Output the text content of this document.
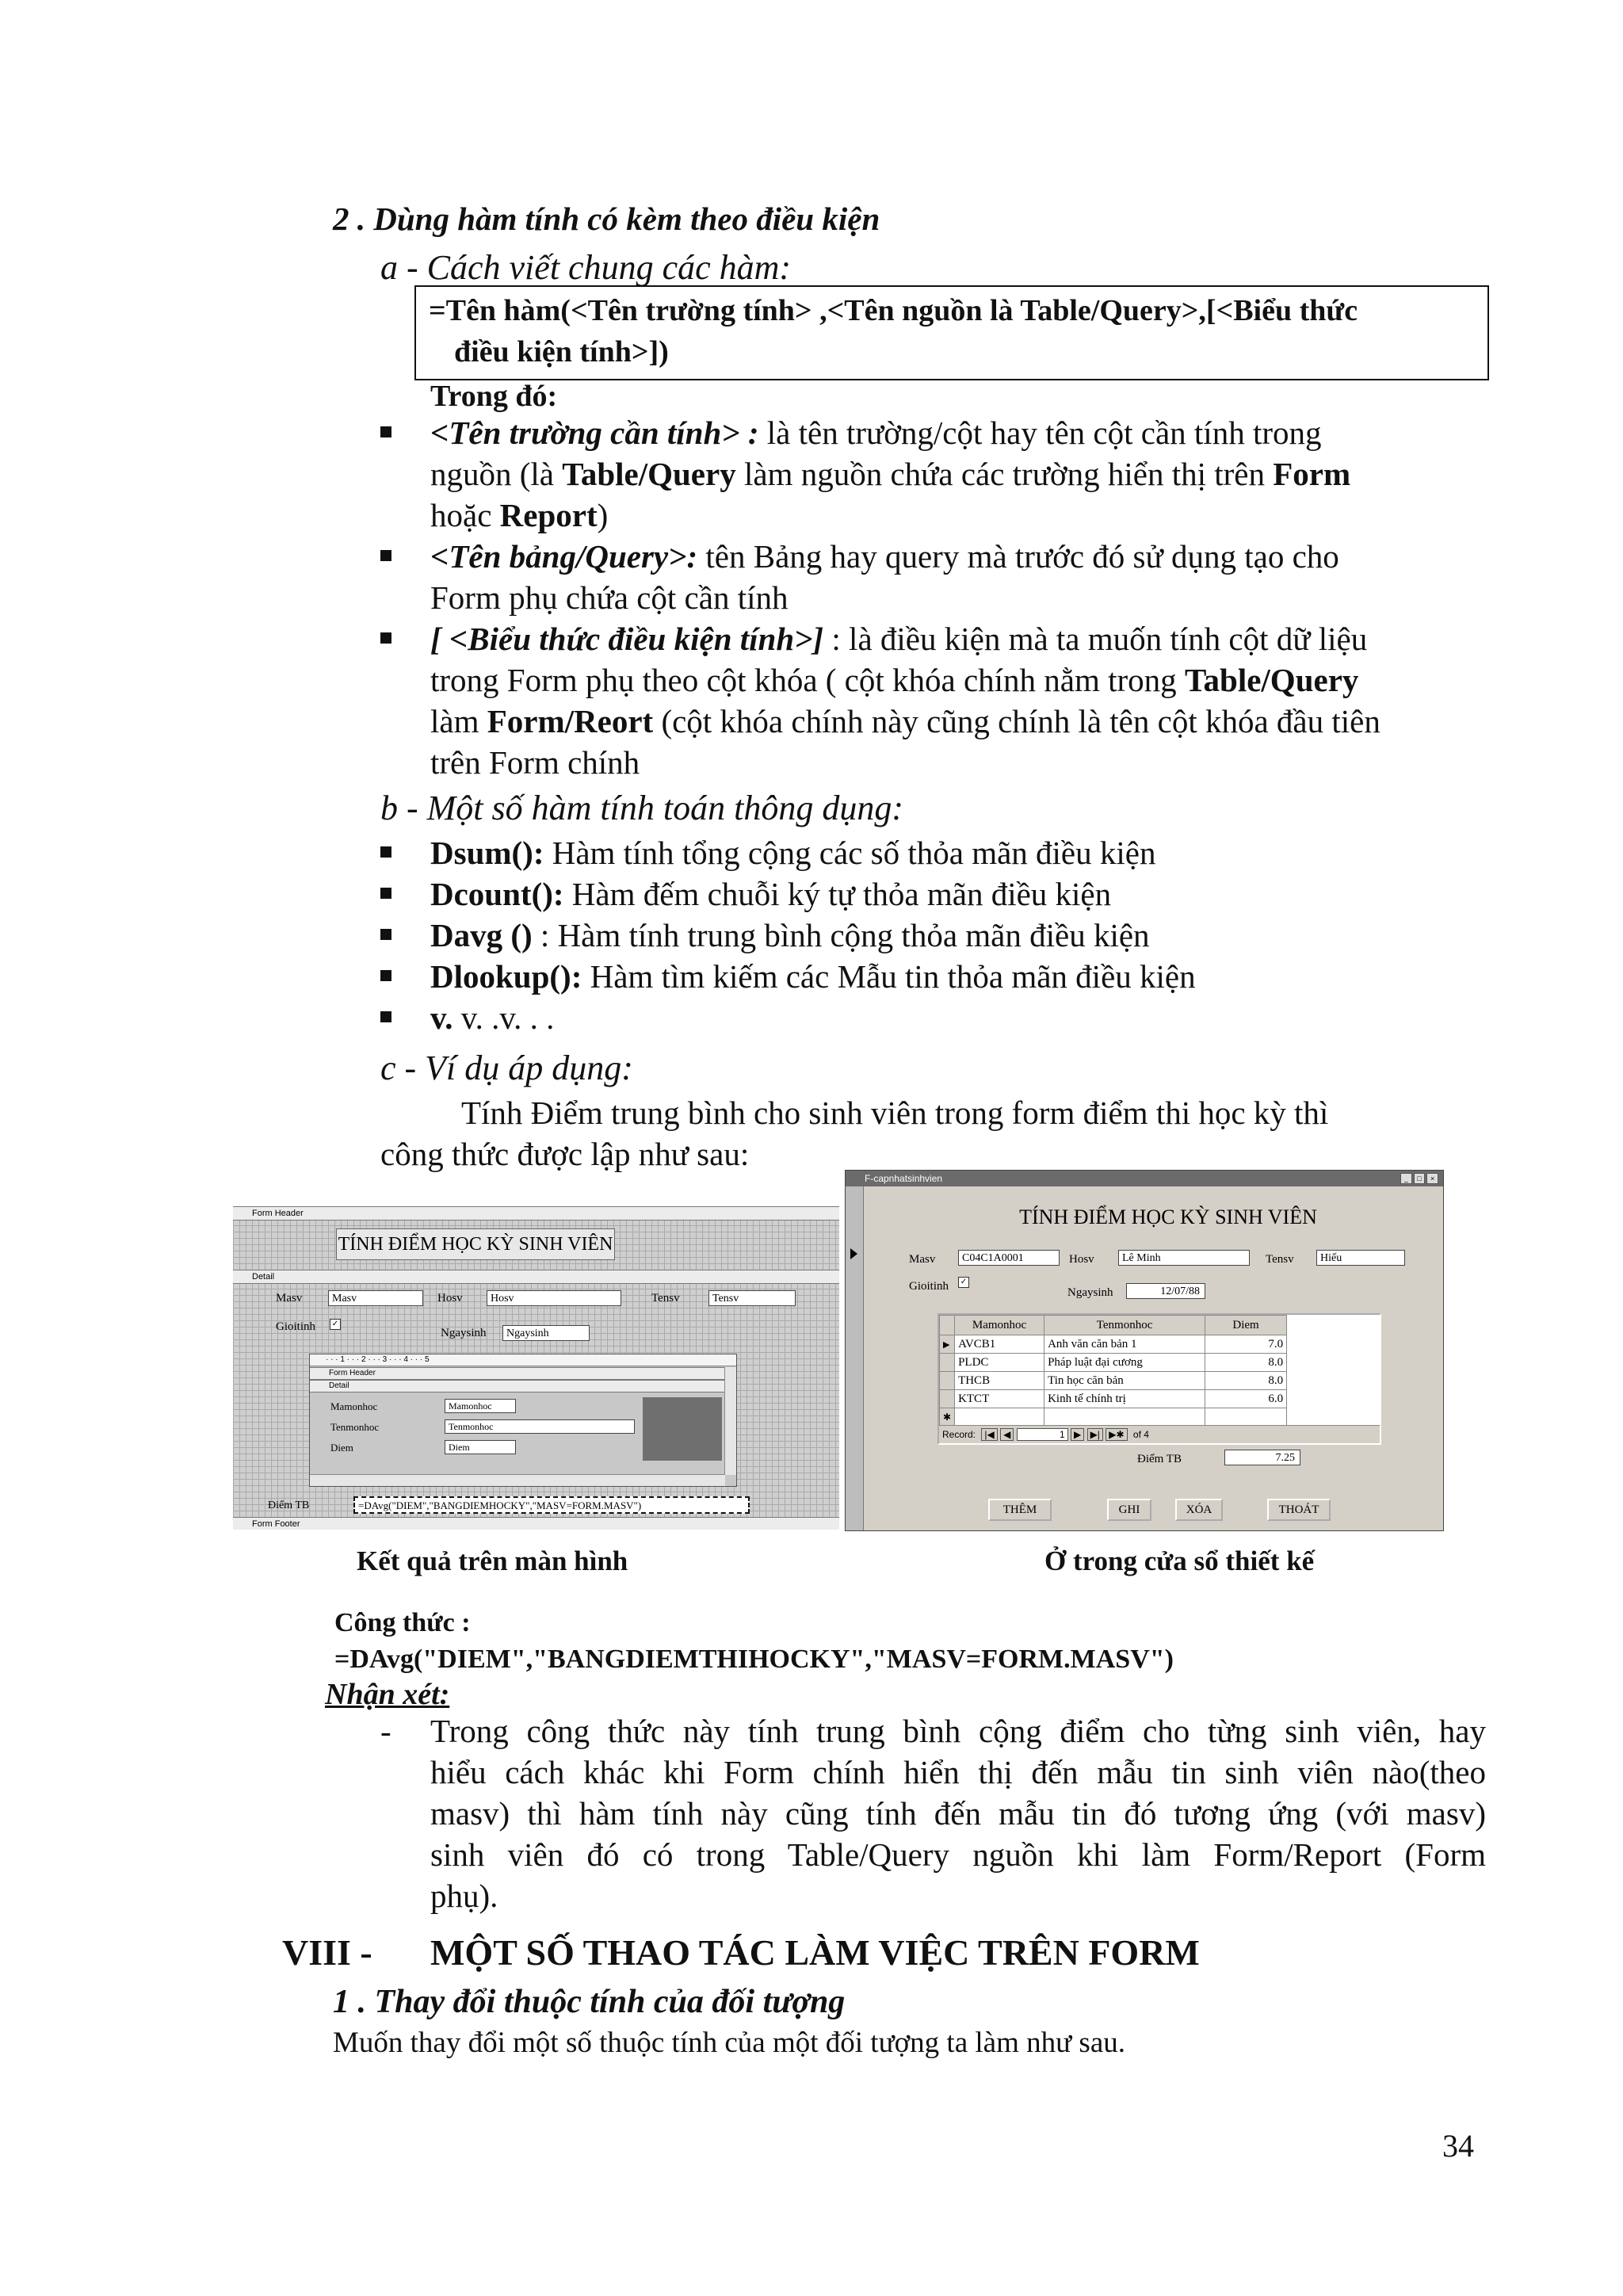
2 . Dùng hàm tính có kèm theo điều kiện
a - Cách viết chung các hàm:
=Tên hàm(<Tên trường tính> ,<Tên nguồn là Table/Query>,[<Biểu thức
điều kiện tính>])
Trong đó:
<Tên trường cần tính> : là tên trường/cột hay tên cột cần tính trong
nguồn (là Table/Query làm nguồn chứa các trường hiển thị trên Form
hoặc Report)
<Tên bảng/Query>: tên Bảng hay query mà trước đó sử dụng tạo cho
Form phụ chứa cột cần tính
[ <Biểu thức điều kiện tính>] : là điều kiện mà ta muốn tính cột dữ liệu
trong Form phụ theo cột khóa ( cột khóa chính nằm trong Table/Query
làm Form/Reort (cột khóa chính này cũng chính là tên cột khóa đầu tiên
trên Form chính
b - Một số hàm tính toán thông dụng:
Dsum(): Hàm tính tổng cộng các số thỏa mãn điều kiện
Dcount(): Hàm đếm chuỗi ký tự thỏa mãn điều kiện
Davg () : Hàm tính trung bình cộng thỏa mãn điều kiện
Dlookup(): Hàm tìm kiếm các Mẫu tin thỏa mãn điều kiện
v. v. .v. . .
c - Ví dụ áp dụng:
Tính Điểm trung bình cho sinh viên trong form điểm thi học kỳ thì
công thức được lập như sau:
Form Header
TÍNH ĐIỂM HỌC KỲ SINH VIÊN
Detail
Masv	Masv	Hosv	Hosv	Tensv	Tensv
Gioitinh ✓
Ngaysinh	Ngaysinh
· · · 1 · · · 2 · · · 3 · · · 4 · · · 5
Form Header
Detail
Mamonhoc	Mamonhoc
Tenmonhoc	Tenmonhoc
Diem	Diem
Điểm TB	=DAvg("DIEM","BANGDIEMHOCKY","MASV=FORM.MASV")
Form Footer
F-capnhatsinhvien	_	□	×
TÍNH ĐIỂM HỌC KỲ SINH VIÊN
Masv	C04C1A0001	Hosv	Lê Minh	Tensv	Hiếu
Gioitinh ✓
Ngaysinh	12/07/88
	Mamonhoc	Tenmonhoc	Diem
▶	AVCB1	Anh văn căn bản 1	7.0
	PLDC	Pháp luật đại cương	8.0
	THCB	Tin học căn bản	8.0
	KTCT	Kinh tế chính trị	6.0
✱			
Record: |◀ ◀	1 ▶ ▶| ▶✱ of 4
Điểm TB	7.25
THÊM	GHI	XÓA	THOÁT
Kết quả trên màn hình	Ở trong cửa sổ thiết kế
Công thức :
=DAvg("DIEM","BANGDIEMTHIHOCKY","MASV=FORM.MASV")
Nhận xét:
- Trong công thức này tính trung bình cộng điểm cho từng sinh viên, hay
hiểu cách khác khi Form chính hiển thị đến mẫu tin sinh viên nào(theo
masv) thì hàm tính này cũng tính đến mẫu tin đó tương ứng (với masv)
sinh viên đó có trong Table/Query nguồn khi làm Form/Report (Form
phụ).
VIII - MỘT SỐ THAO TÁC LÀM VIỆC TRÊN FORM
1 . Thay đổi thuộc tính của đối tượng
Muốn thay đổi một số thuộc tính của một đối tượng ta làm như sau.
34
